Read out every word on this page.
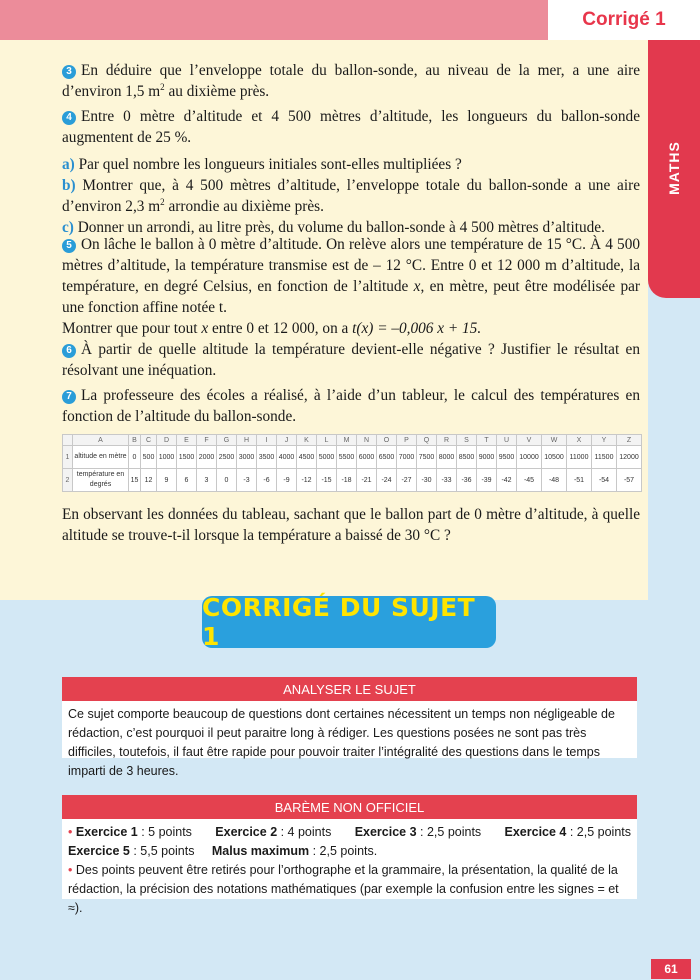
Corrigé 1
MATHS

3 En déduire que l’enveloppe totale du ballon-sonde, au niveau de la mer, a une aire d’environ 1,5 $m^2$ au dixième près.

4 Entre 0 mètre d’altitude et 4 500 mètres d’altitude, les longueurs du ballon-sonde augmentent de 25 %.

a) Par quel nombre les longueurs initiales sont-elles multipliées ?

b) Montrer que, à 4 500 mètres d’altitude, l’enveloppe totale du ballon-sonde a une aire d’environ 2,3 $m^2$ arrondie au dixième près.

c) Donner un arrondi, au litre près, du volume du ballon-sonde à 4 500 mètres d’altitude.

5 On lâche le ballon à 0 mètre d’altitude. On relève alors une température de 15 °C. À 4 500 mètres d’altitude, la température transmise est de – 12 °C. Entre 0 et 12 000 m d’altitude, la température, en degré Celsius, en fonction de l’altitude x, en mètre, peut être modélisée par une fonction affine notée t.

Montrer que pour tout x entre 0 et 12 000, on a t(x) = –0,006 x + 15.

6 À partir de quelle altitude la température devient-elle négative ? Justifier le résultat en résolvant une inéquation.

7 La professeure des écoles a réalisé, à l’aide d’un tableur, le calcul des températures en fonction de l’altitude du ballon-sonde.

	A	B	C	D	E	F	G	H	I	J	K	L	M	N	O	P	Q	R	S	T	U	V	W	X	Y	Z
1	altitude en mètre	0	500	1000	1500	2000	2500	3000	3500	4000	4500	5000	5500	6000	6500	7000	7500	8000	8500	9000	9500	10000	10500	11000	11500	12000
2	température en degrés	15	12	9	6	3	0	-3	-6	-9	-12	-15	-18	-21	-24	-27	-30	-33	-36	-39	-42	-45	-48	-51	-54	-57

En observant les données du tableau, sachant que le ballon part de 0 mètre d’altitude, à quelle altitude se trouve-t-il lorsque la température a baissé de 30 °C ?

CORRIGÉ DU SUJET 1
ANALYSER LE SUJET
Ce sujet comporte beaucoup de questions dont certaines nécessitent un temps non négligeable de rédaction, c’est pourquoi il peut paraitre long à rédiger. Les questions posées ne sont pas très difficiles, toutefois, il faut être rapide pour pouvoir traiter l’intégralité des questions dans le temps imparti de 3 heures.
BARÈME NON OFFICIEL
• Exercice 1 : 5 points Exercice 2 : 4 points Exercice 3 : 2,5 points Exercice 4 : 2,5 points
Exercice 5 : 5,5 points Malus maximum : 2,5 points.
• Des points peuvent être retirés pour l’orthographe et la grammaire, la présentation, la qualité de la rédaction, la précision des notations mathématiques (par exemple la confusion entre les signes = et ≈).
61
